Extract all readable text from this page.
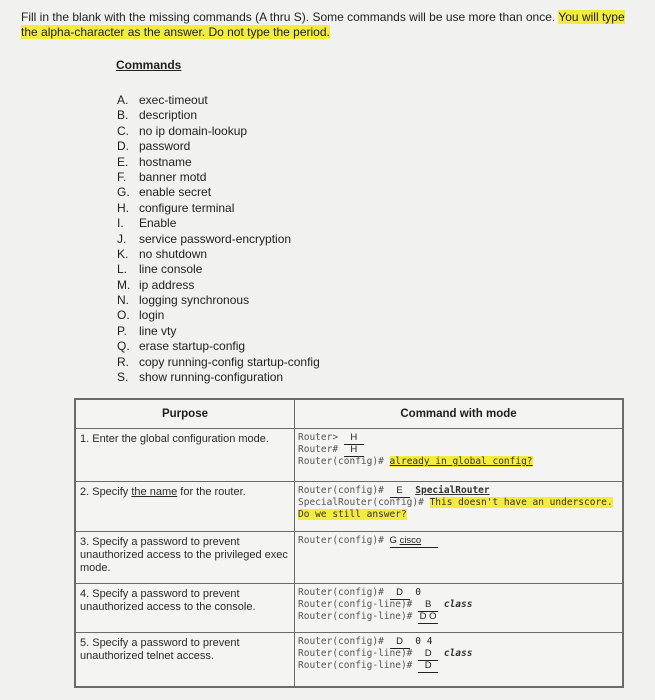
Fill in the blank with the missing commands (A thru S). Some commands will be use more than once. You will type the alpha-character as the answer. Do not type the period.
Commands
A. exec-timeout
B. description
C. no ip domain-lookup
D. password
E. hostname
F. banner motd
G. enable secret
H. configure terminal
I. Enable
J. service password-encryption
K. no shutdown
L. line console
M. ip address
N. logging synchronous
O. login
P. line vty
Q. erase startup-config
R. copy running-config startup-config
S. show running-configuration
Purpose	Command with mode

1. Enter the global configuration mode.	Router> H
Router# H
Router(config)# already in global config?

2. Specify the name for the router.	Router(config)# E SpecialRouter
SpecialRouter(config)# This doesn't have an underscore. Do we still answer?

3. Specify a password to prevent unauthorized access to the privileged exec mode.	Router(config)# G cisco

4. Specify a password to prevent unauthorized access to the console.	Router(config)# D 0
Router(config-line)# B class
Router(config-line)# D O

5. Specify a password to prevent unauthorized telnet access.	Router(config)# D 0 4
Router(config-line)# D class
Router(config-line)# D
